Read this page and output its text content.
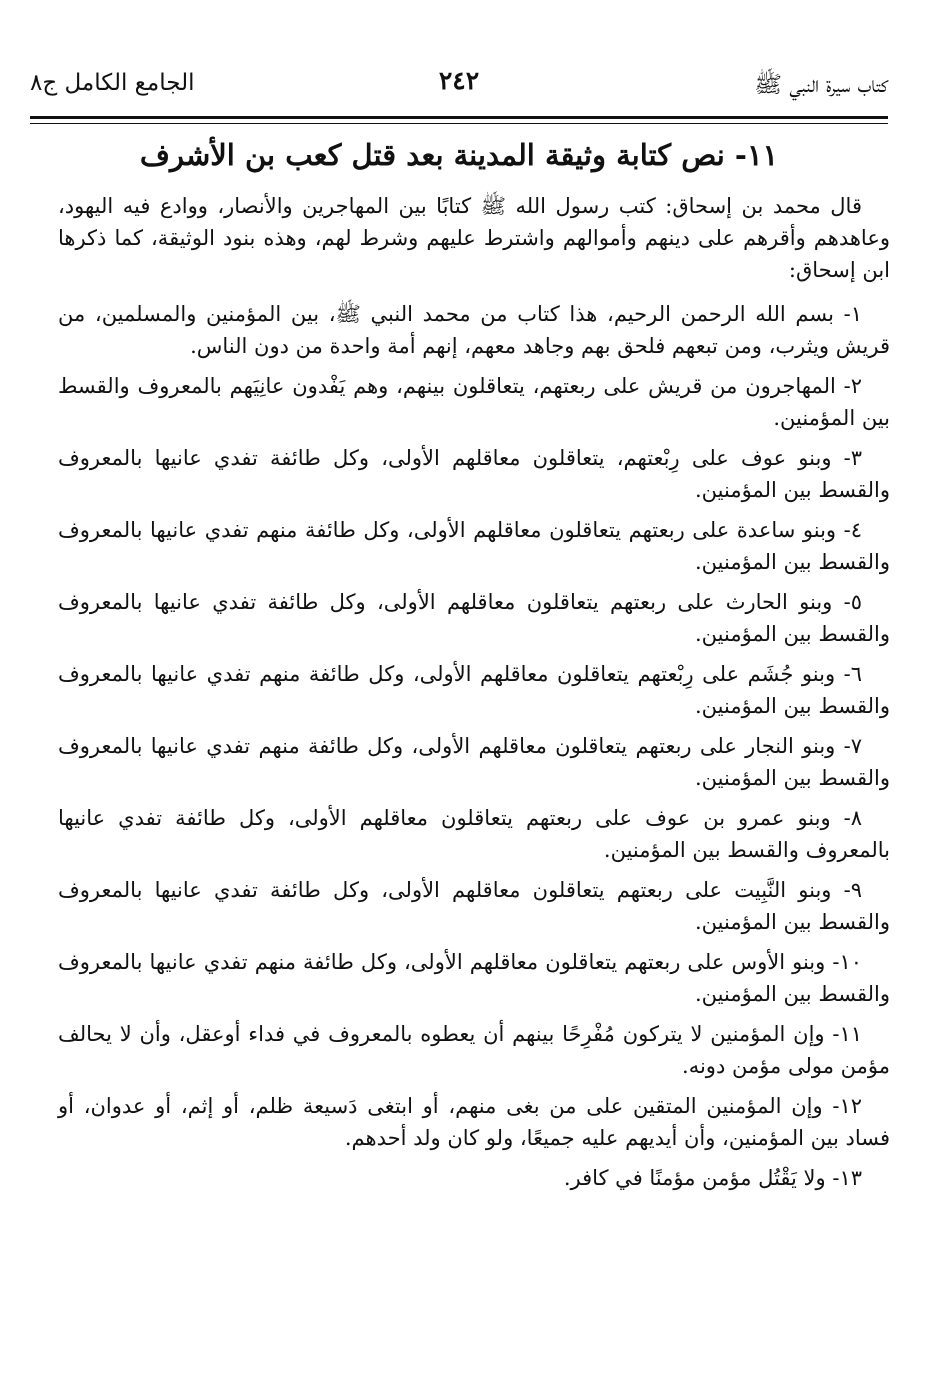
كتاب سيرة النبي ﷺ
٢٤٢
الجامع الكامل ج٨
١١- نص كتابة وثيقة المدينة بعد قتل كعب بن الأشرف

قال محمد بن إسحاق: كتب رسول الله ﷺ كتابًا بين المهاجرين والأنصار، ووادع فيه اليهود، وعاهدهم وأقرهم على دينهم وأموالهم واشترط عليهم وشرط لهم، وهذه بنود الوثيقة، كما ذكرها ابن إسحاق:

١- بسم الله الرحمن الرحيم، هذا كتاب من محمد النبي ﷺ، بين المؤمنين والمسلمين، من قريش ويثرب، ومن تبعهم فلحق بهم وجاهد معهم، إنهم أمة واحدة من دون الناس.

٢- المهاجرون من قريش على ربعتهم، يتعاقلون بينهم، وهم يَفْدون عانِيَهم بالمعروف والقسط بين المؤمنين.

٣- وبنو عوف على رِبْعتهم، يتعاقلون معاقلهم الأولى، وكل طائفة تفدي عانيها بالمعروف والقسط بين المؤمنين.

٤- وبنو ساعدة على ربعتهم يتعاقلون معاقلهم الأولى، وكل طائفة منهم تفدي عانيها بالمعروف والقسط بين المؤمنين.

٥- وبنو الحارث على ربعتهم يتعاقلون معاقلهم الأولى، وكل طائفة تفدي عانيها بالمعروف والقسط بين المؤمنين.

٦- وبنو جُشَم على رِبْعتهم يتعاقلون معاقلهم الأولى، وكل طائفة منهم تفدي عانيها بالمعروف والقسط بين المؤمنين.

٧- وبنو النجار على ربعتهم يتعاقلون معاقلهم الأولى، وكل طائفة منهم تفدي عانيها بالمعروف والقسط بين المؤمنين.

٨- وبنو عمرو بن عوف على ربعتهم يتعاقلون معاقلهم الأولى، وكل طائفة تفدي عانيها بالمعروف والقسط بين المؤمنين.

٩- وبنو النَّبِيت على ربعتهم يتعاقلون معاقلهم الأولى، وكل طائفة تفدي عانيها بالمعروف والقسط بين المؤمنين.

١٠- وبنو الأوس على ربعتهم يتعاقلون معاقلهم الأولى، وكل طائفة منهم تفدي عانيها بالمعروف والقسط بين المؤمنين.

١١- وإن المؤمنين لا يتركون مُفْرِحًا بينهم أن يعطوه بالمعروف في فداء أوعقل، وأن لا يحالف مؤمن مولى مؤمن دونه.

١٢- وإن المؤمنين المتقين على من بغى منهم، أو ابتغى دَسيعة ظلم، أو إثم، أو عدوان، أو فساد بين المؤمنين، وأن أيديهم عليه جميعًا، ولو كان ولد أحدهم.

١٣- ولا يَقْتُل مؤمن مؤمنًا في كافر.
